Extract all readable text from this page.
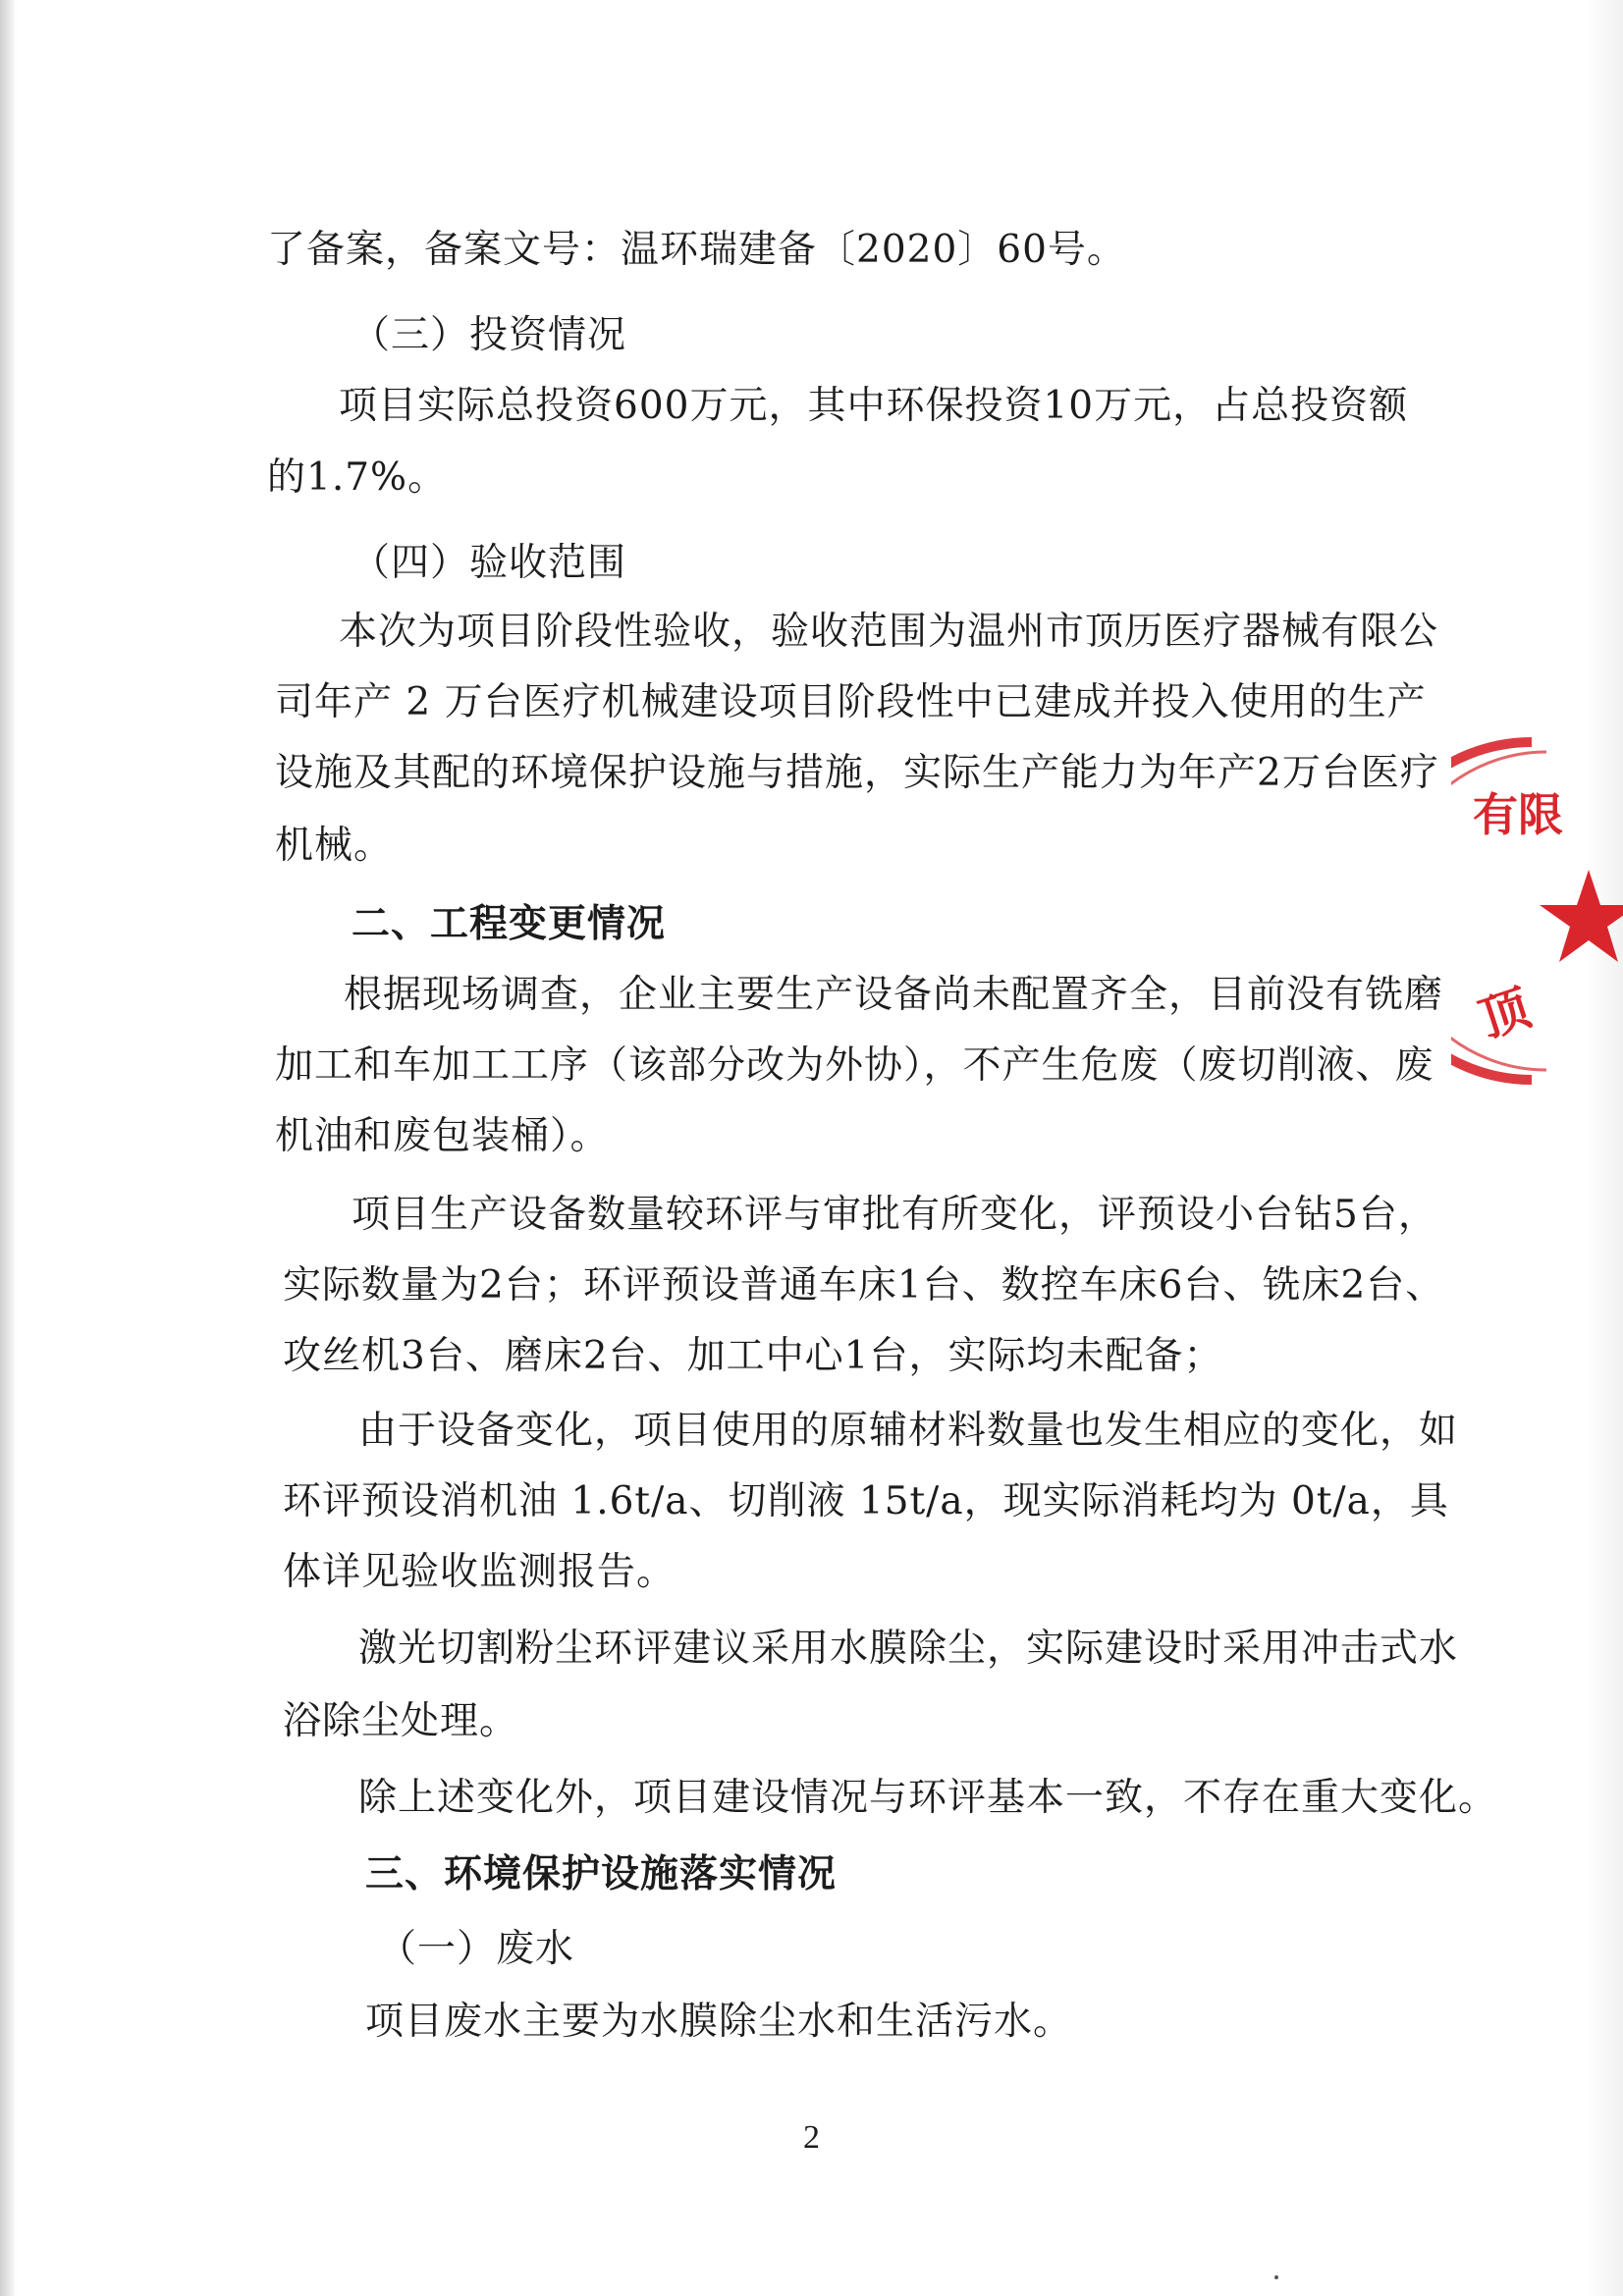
了备案，备案文号：温环瑞建备〔2020〕60号。
（三）投资情况
项目实际总投资600万元，其中环保投资10万元，占总投资额
的1.7%。
（四）验收范围
本次为项目阶段性验收，验收范围为温州市顶历医疗器械有限公
司年产 2 万台医疗机械建设项目阶段性中已建成并投入使用的生产
设施及其配的环境保护设施与措施，实际生产能力为年产2万台医疗
机械。
二、工程变更情况
根据现场调查，企业主要生产设备尚未配置齐全，目前没有铣磨
加工和车加工工序（该部分改为外协），不产生危废（废切削液、废
机油和废包装桶）。
项目生产设备数量较环评与审批有所变化，评预设小台钻5台，
实际数量为2台；环评预设普通车床1台、数控车床6台、铣床2台、
攻丝机3台、磨床2台、加工中心1台，实际均未配备；
由于设备变化，项目使用的原辅材料数量也发生相应的变化，如
环评预设消机油 1.6t/a、切削液 15t/a，现实际消耗均为 0t/a，具
体详见验收监测报告。
激光切割粉尘环评建议采用水膜除尘，实际建设时采用冲击式水
浴除尘处理。
除上述变化外，项目建设情况与环评基本一致，不存在重大变化。
三、环境保护设施落实情况
（一）废水
项目废水主要为水膜除尘水和生活污水。
2
有限
顶
